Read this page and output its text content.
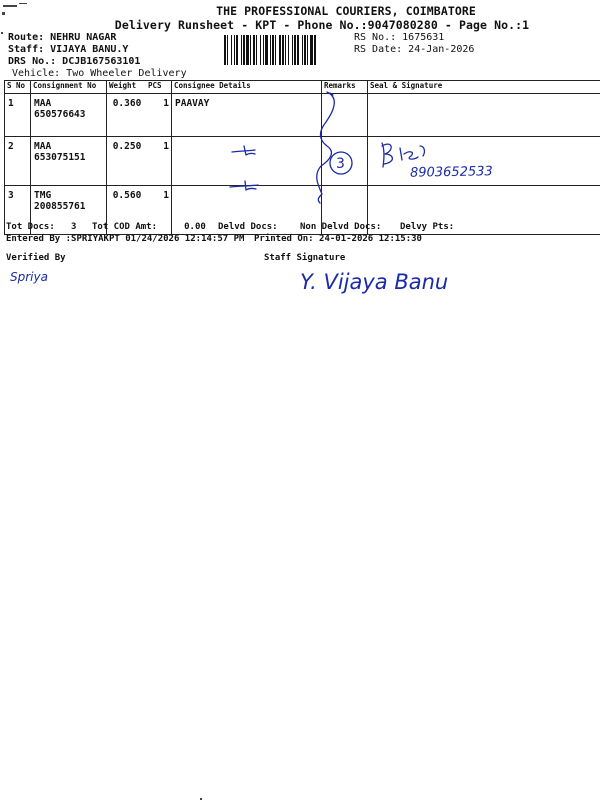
THE PROFESSIONAL COURIERS, COIMBATORE
Delivery Runsheet - KPT - Phone No.:9047080280 - Page No.:1
Route: NEHRU NAGAR
Staff: VIJAYA BANU.Y
DRS No.: DCJB167563101
Vehicle: Two Wheeler Delivery
RS No.: 1675631
RS Date: 24-Jan-2026
S No	Consignment No	Weight	PCS	Consignee Details	Remarks	Seal & Signature
1	MAA 650576643	0.360	1	PAAVAY		
2	MAA 653075151	0.250	1			
3	TMG 200855761	0.560	1			
Tot Docs:   3 Tot COD Amt:     0.00 Delvd Docs: Non Delvd Docs: Delvy Pts:
Entered By :SPRIYAKPT 01/24/2026 12:14:57 PM Printed On: 24-01-2026 12:15:30
Verified By	Staff Signature
3
8903652533
Spriya	Y. Vijaya Banu
